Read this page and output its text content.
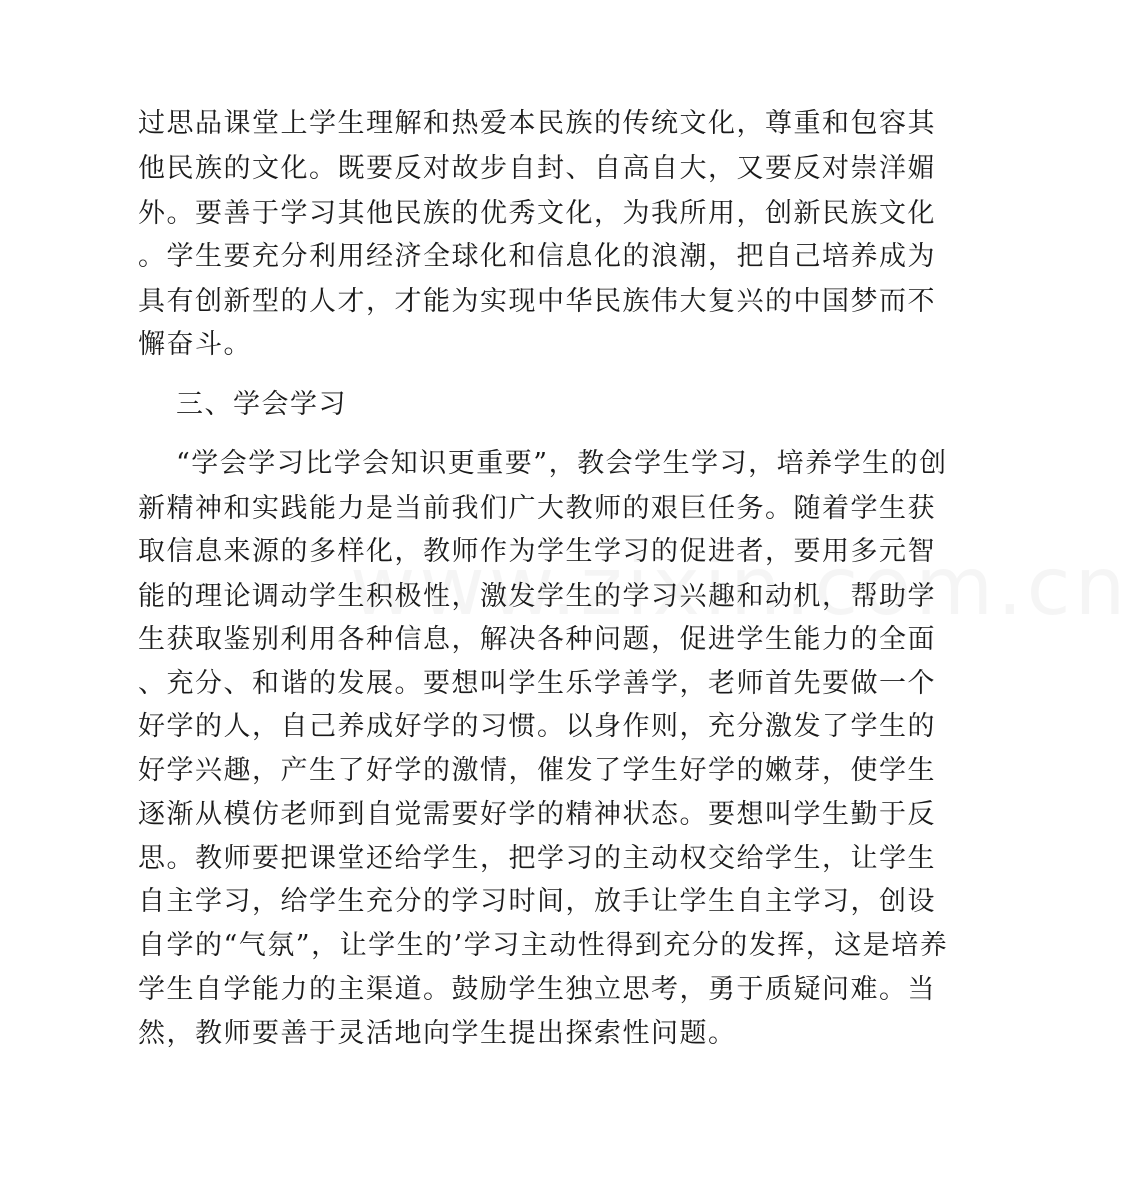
过思品课堂上学生理解和热爱本民族的传统文化，尊重和包容其
他民族的文化。既要反对故步自封、自高自大，又要反对崇洋媚
外。要善于学习其他民族的优秀文化，为我所用，创新民族文化
。学生要充分利用经济全球化和信息化的浪潮，把自己培养成为
具有创新型的人才，才能为实现中华民族伟大复兴的中国梦而不
懈奋斗。
三、学会学习
“学会学习比学会知识更重要”，教会学生学习，培养学生的创
新精神和实践能力是当前我们广大教师的艰巨任务。随着学生获
取信息来源的多样化，教师作为学生学习的促进者，要用多元智
能的理论调动学生积极性，激发学生的学习兴趣和动机，帮助学
生获取鉴别利用各种信息，解决各种问题，促进学生能力的全面
、充分、和谐的发展。要想叫学生乐学善学，老师首先要做一个
好学的人，自己养成好学的习惯。以身作则，充分激发了学生的
好学兴趣，产生了好学的激情，催发了学生好学的嫩芽，使学生
逐渐从模仿老师到自觉需要好学的精神状态。要想叫学生勤于反
思。教师要把课堂还给学生，把学习的主动权交给学生，让学生
自主学习，给学生充分的学习时间，放手让学生自主学习，创设
自学的“气氛”，让学生的’学习主动性得到充分的发挥，这是培养
学生自学能力的主渠道。鼓励学生独立思考，勇于质疑问难。当
然，教师要善于灵活地向学生提出探索性问题。
